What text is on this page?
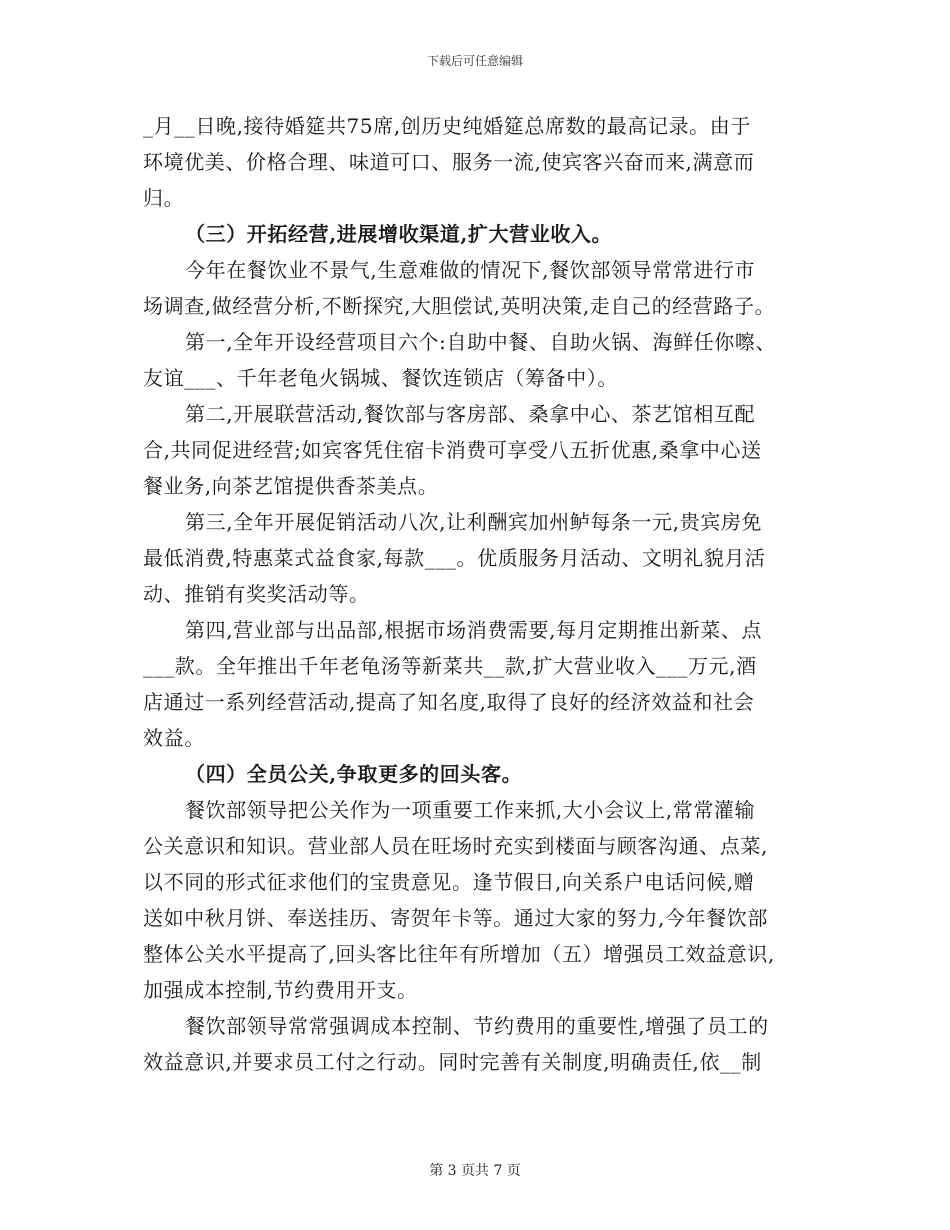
下载后可任意编辑
_月__日晚,接待婚筵共75席,创历史纯婚筵总席数的最高记录。由于
环境优美、价格合理、味道可口、服务一流,使宾客兴奋而来,满意而
归。
（三）开拓经营,进展增收渠道,扩大营业收入。
今年在餐饮业不景气,生意难做的情况下,餐饮部领导常常进行市
场调查,做经营分析,不断探究,大胆偿试,英明决策,走自己的经营路子。
第一,全年开设经营项目六个:自助中餐、自助火锅、海鲜任你嚓、
友谊___、千年老龟火锅城、餐饮连锁店（筹备中）。
第二,开展联营活动,餐饮部与客房部、桑拿中心、茶艺馆相互配
合,共同促进经营;如宾客凭住宿卡消费可享受八五折优惠,桑拿中心送
餐业务,向茶艺馆提供香茶美点。
第三,全年开展促销活动八次,让利酬宾加州鲈每条一元,贵宾房免
最低消费,特惠菜式益食家,每款___。优质服务月活动、文明礼貌月活
动、推销有奖奖活动等。
第四,营业部与出品部,根据市场消费需要,每月定期推出新菜、点
___款。全年推出千年老龟汤等新菜共__款,扩大营业收入___万元,酒
店通过一系列经营活动,提高了知名度,取得了良好的经济效益和社会
效益。
（四）全员公关,争取更多的回头客。
餐饮部领导把公关作为一项重要工作来抓,大小会议上,常常灌输
公关意识和知识。营业部人员在旺场时充实到楼面与顾客沟通、点菜,
以不同的形式征求他们的宝贵意见。逢节假日,向关系户电话问候,赠
送如中秋月饼、奉送挂历、寄贺年卡等。通过大家的努力,今年餐饮部
整体公关水平提高了,回头客比往年有所增加（五）增强员工效益意识,
加强成本控制,节约费用开支。
餐饮部领导常常强调成本控制、节约费用的重要性,增强了员工的
效益意识,并要求员工付之行动。同时完善有关制度,明确责任,依__制
第 3 页共 7 页
